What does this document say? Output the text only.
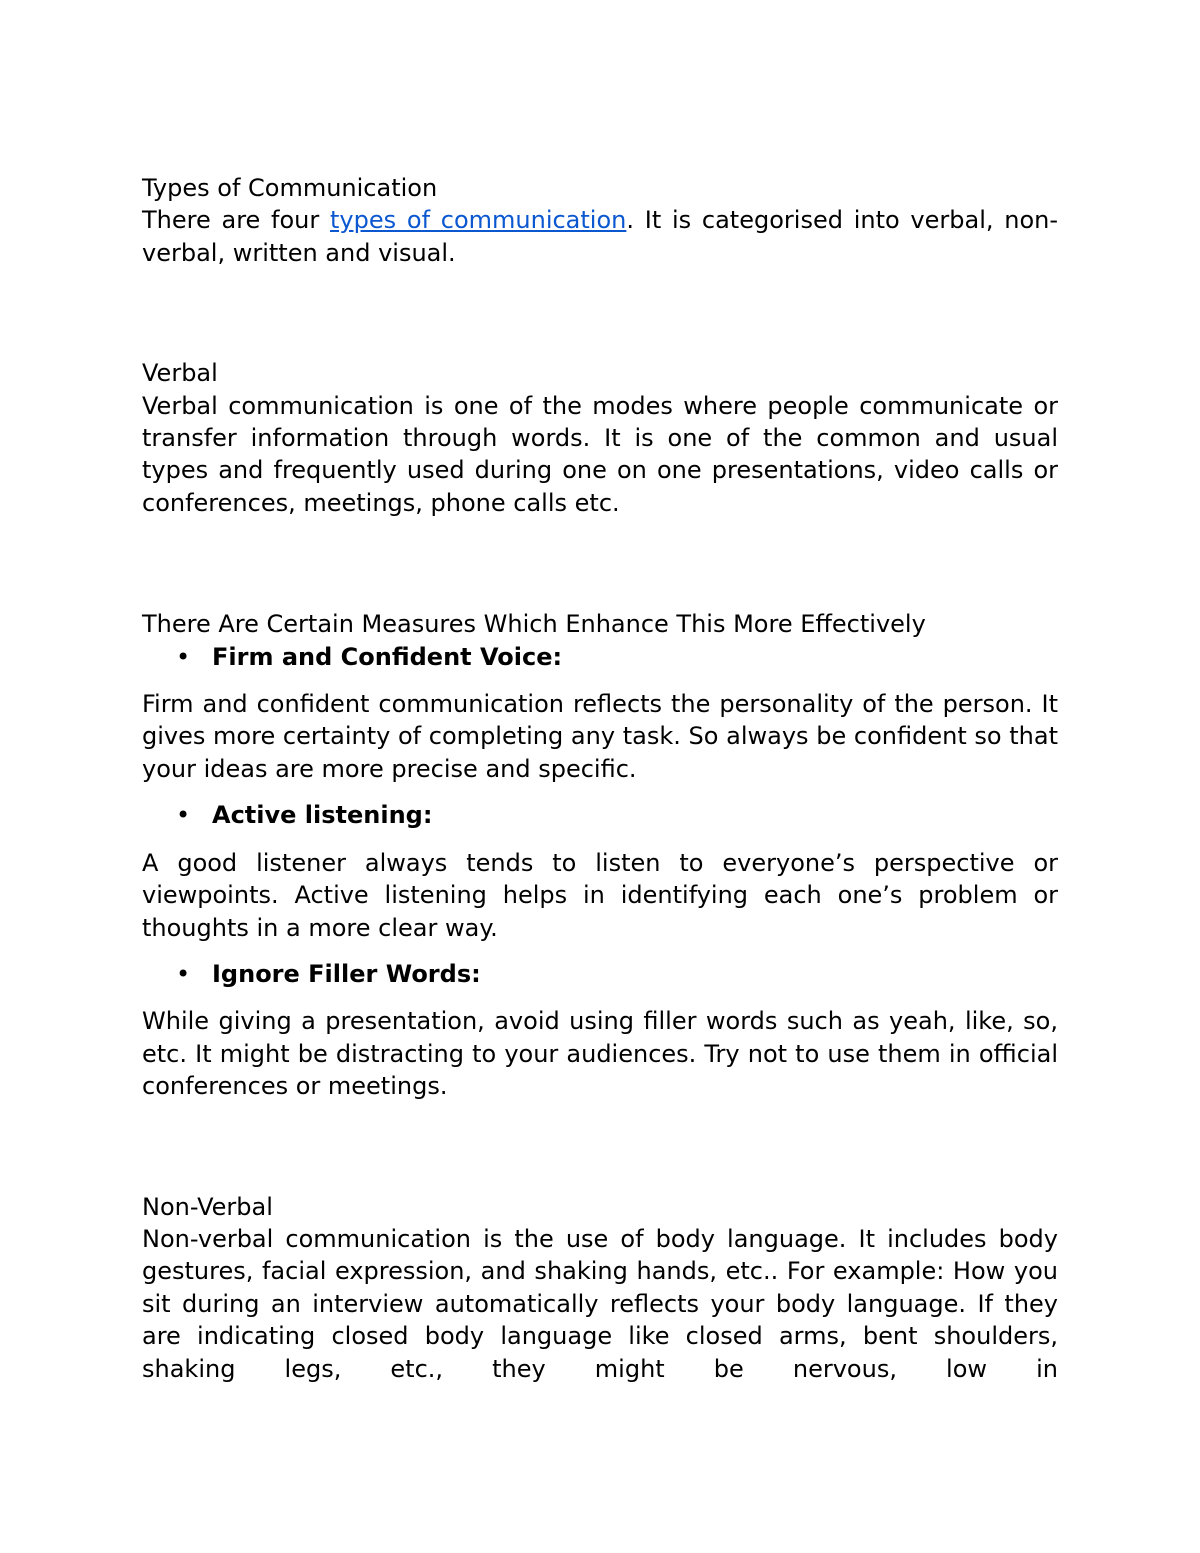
Types of Communication

There are four types of communication. It is categorised into verbal, non-verbal, written and visual.

Verbal

Verbal communication is one of the modes where people communicate or transfer information through words. It is one of the common and usual types and frequently used during one on one presentations, video calls or conferences, meetings, phone calls etc.

There Are Certain Measures Which Enhance This More Effectively
• Firm and Confident Voice:

Firm and confident communication reflects the personality of the person. It gives more certainty of completing any task. So always be confident so that your ideas are more precise and specific.

• Active listening:

A good listener always tends to listen to everyone’s perspective or viewpoints. Active listening helps in identifying each one’s problem or thoughts in a more clear way.

• Ignore Filler Words:

While giving a presentation, avoid using filler words such as yeah, like, so, etc. It might be distracting to your audiences. Try not to use them in official conferences or meetings.

Non-Verbal

Non-verbal communication is the use of body language. It includes body gestures, facial expression, and shaking hands, etc.. For example: How you sit during an interview automatically reflects your body language. If they are indicating closed body language like closed arms, bent shoulders, shaking legs, etc., they might be nervous, low in
